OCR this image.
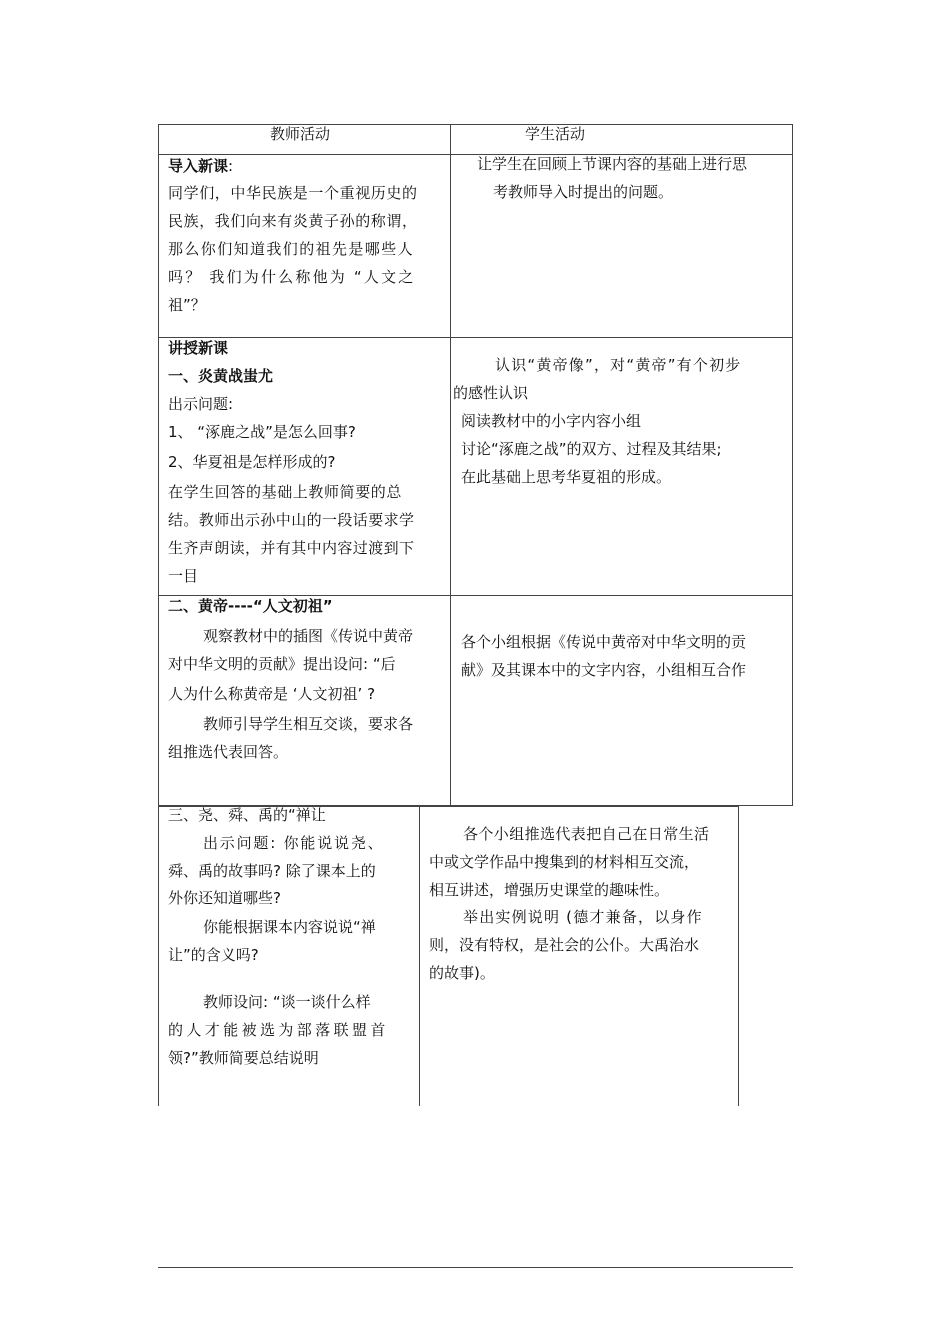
教师活动	学生活动
导入新课:
同学们，中华民族是一个重视历史的
民族，我们向来有炎黄子孙的称谓，
那么你们知道我们的祖先是哪些人
吗？ 我们为什么称他为 “人文之
祖”？
让学生在回顾上节课内容的基础上进行思
考教师导入时提出的问题。
讲授新课
一、炎黄战蚩尤
出示问题:
1、 “涿鹿之战”是怎么回事?
2、华夏祖是怎样形成的?
在学生回答的基础上教师简要的总
结。教师出示孙中山的一段话要求学
生齐声朗读，并有其中内容过渡到下
一目
认识“黄帝像”，对“黄帝”有个初步
的感性认识
阅读教材中的小字内容小组
讨论“涿鹿之战”的双方、过程及其结果;
在此基础上思考华夏祖的形成。
二、黄帝----“人文初祖”
观察教材中的插图《传说中黄帝
对中华文明的贡献》提出设问: “后
人为什么称黄帝是 ‘人文初祖’ ?
教师引导学生相互交谈，要求各
组推选代表回答。
各个小组根据《传说中黄帝对中华文明的贡
献》及其课本中的文字内容，小组相互合作
三、尧、舜、禹的“禅让
出示问题: 你能说说尧、
舜、禹的故事吗? 除了课本上的
外你还知道哪些?
你能根据课本内容说说“禅
让”的含义吗?
教师设问: “谈一谈什么样
的人才能被选为部落联盟首
领?”教师简要总结说明
各个小组推选代表把自己在日常生活
中或文学作品中搜集到的材料相互交流，
相互讲述，增强历史课堂的趣味性。
举出实例说明 (德才兼备，以身作
则，没有特权，是社会的公仆。大禹治水
的故事)。
